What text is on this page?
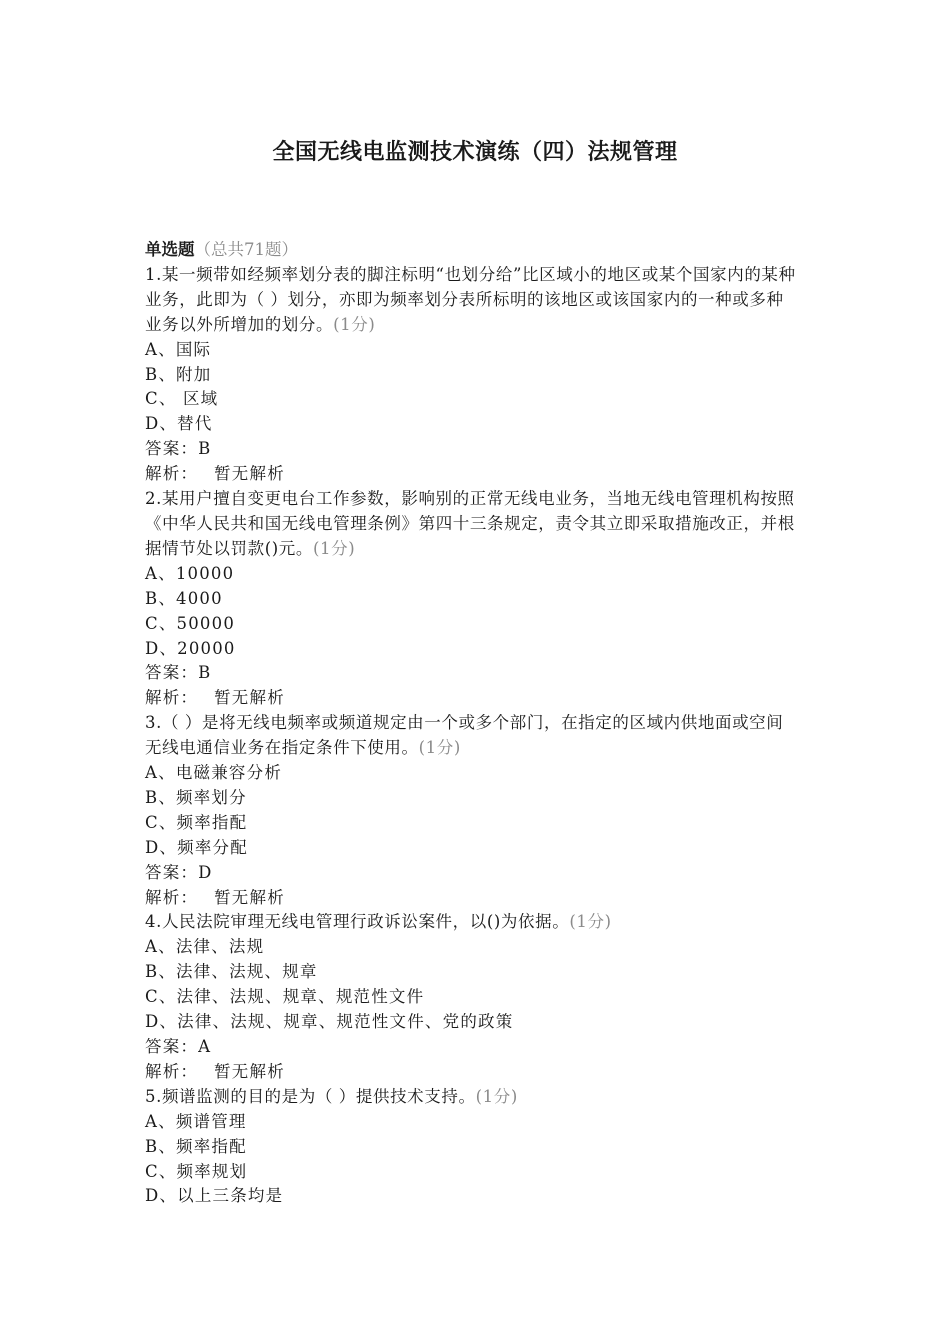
全国无线电监测技术演练（四）法规管理
单选题（总共71题）
1.某一频带如经频率划分表的脚注标明“也划分给”比区域小的地区或某个国家内的某种业务，此即为（ ）划分，亦即为频率划分表所标明的该地区或该国家内的一种或多种业务以外所增加的划分。(1分)
A、国际
B、附加
C、 区域
D、替代
答案：B
解析： 暂无解析
2.某用户擅自变更电台工作参数，影响别的正常无线电业务，当地无线电管理机构按照《中华人民共和国无线电管理条例》第四十三条规定，责令其立即采取措施改正，并根据情节处以罚款()元。(1分)
A、10000
B、4000
C、50000
D、20000
答案：B
解析： 暂无解析
3.（ ）是将无线电频率或频道规定由一个或多个部门，在指定的区域内供地面或空间无线电通信业务在指定条件下使用。(1分)
A、电磁兼容分析
B、频率划分
C、频率指配
D、频率分配
答案：D
解析： 暂无解析
4.人民法院审理无线电管理行政诉讼案件，以()为依据。(1分)
A、法律、法规
B、法律、法规、规章
C、法律、法规、规章、规范性文件
D、法律、法规、规章、规范性文件、党的政策
答案：A
解析： 暂无解析
5.频谱监测的目的是为（ ）提供技术支持。(1分)
A、频谱管理
B、频率指配
C、频率规划
D、以上三条均是
